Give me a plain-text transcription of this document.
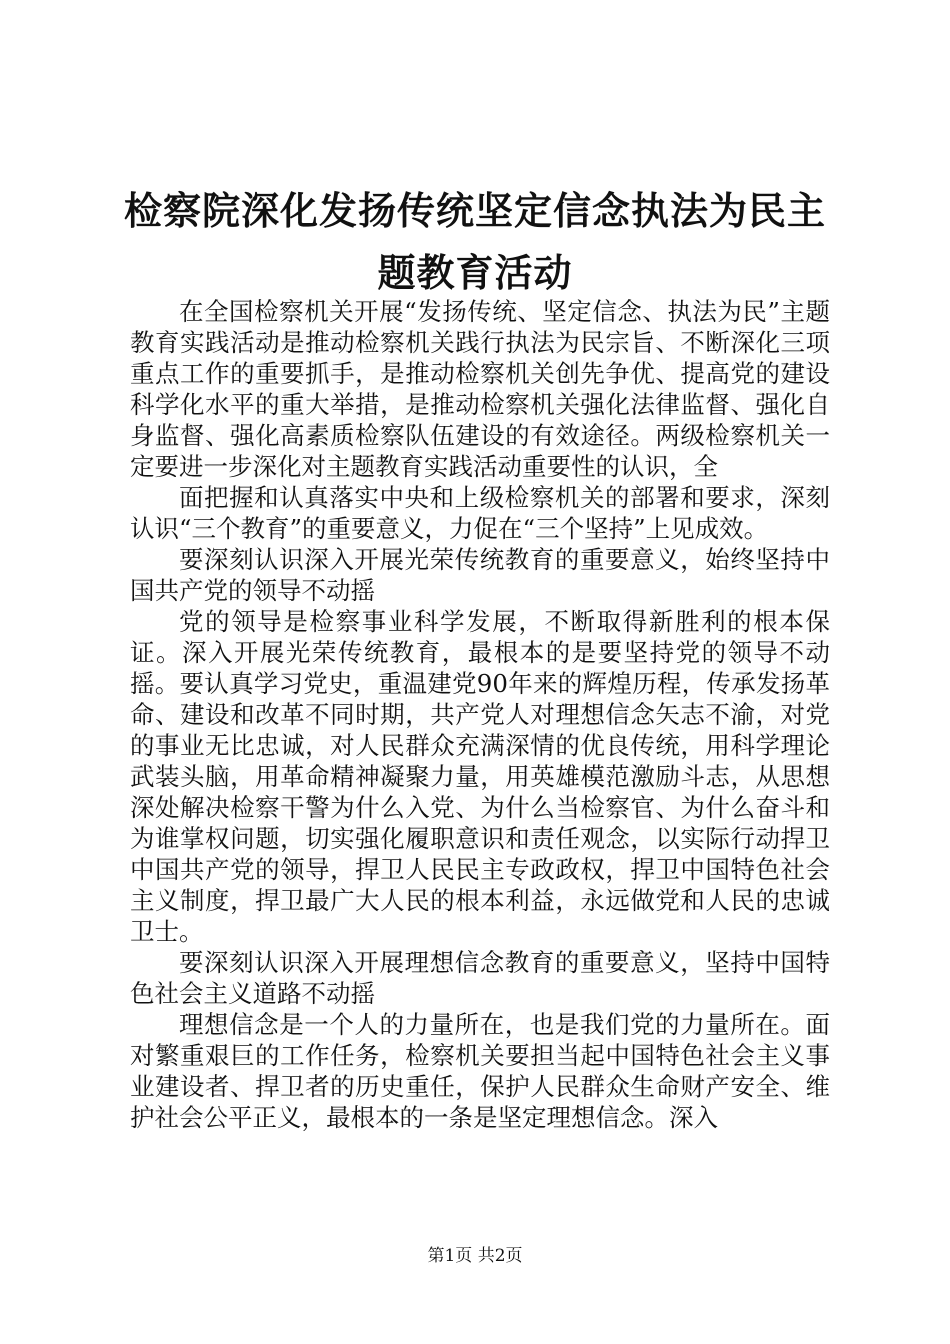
检察院深化发扬传统坚定信念执法为民主题教育活动

在全国检察机关开展“发扬传统、坚定信念、执法为民”主题教育实践活动是推动检察机关践行执法为民宗旨、不断深化三项重点工作的重要抓手，是推动检察机关创先争优、提高党的建设科学化水平的重大举措，是推动检察机关强化法律监督、强化自身监督、强化高素质检察队伍建设的有效途径。两级检察机关一定要进一步深化对主题教育实践活动重要性的认识，全

面把握和认真落实中央和上级检察机关的部署和要求，深刻认识“三个教育”的重要意义，力促在“三个坚持”上见成效。

要深刻认识深入开展光荣传统教育的重要意义，始终坚持中国共产党的领导不动摇

党的领导是检察事业科学发展，不断取得新胜利的根本保证。深入开展光荣传统教育，最根本的是要坚持党的领导不动摇。要认真学习党史，重温建党90年来的辉煌历程，传承发扬革命、建设和改革不同时期，共产党人对理想信念矢志不渝，对党的事业无比忠诚，对人民群众充满深情的优良传统，用科学理论武装头脑，用革命精神凝聚力量，用英雄模范激励斗志，从思想深处解决检察干警为什么入党、为什么当检察官、为什么奋斗和为谁掌权问题，切实强化履职意识和责任观念，以实际行动捍卫中国共产党的领导，捍卫人民民主专政政权，捍卫中国特色社会主义制度，捍卫最广大人民的根本利益，永远做党和人民的忠诚卫士。

要深刻认识深入开展理想信念教育的重要意义，坚持中国特色社会主义道路不动摇

理想信念是一个人的力量所在，也是我们党的力量所在。面对繁重艰巨的工作任务，检察机关要担当起中国特色社会主义事业建设者、捍卫者的历史重任，保护人民群众生命财产安全、维护社会公平正义，最根本的一条是坚定理想信念。深入

第1页 共2页
